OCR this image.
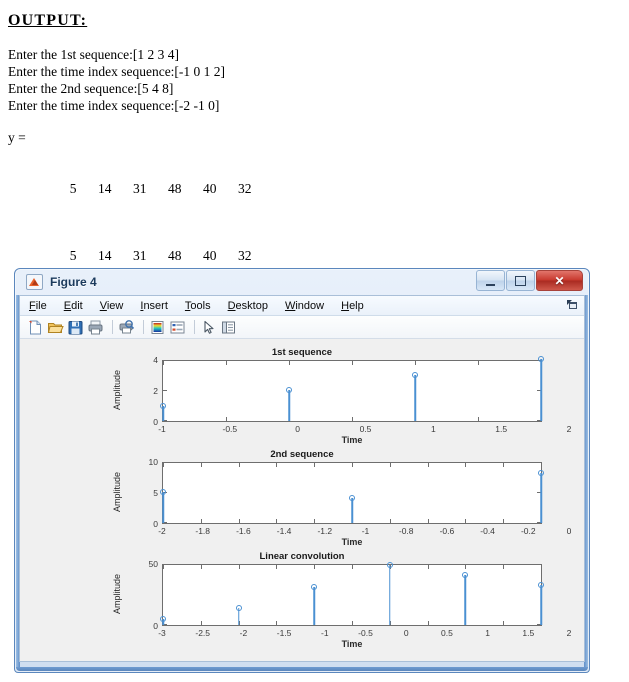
OUTPUT:
Enter the 1st sequence:[1 2 3 4]
Enter the time index sequence:[-1 0 1 2]
Enter the 2nd sequence:[5 4 8]
Enter the time index sequence:[-2 -1 0]
y =

5 14 31 48 40 32

5 14 31 48 40 32

Figure 4	✕
File Edit View Insert Tools Desktop Window Help
1st sequence
-1	-0.5	0	0.5	1	1.5	2
0
2
4
Amplitude
Time
2nd sequence
-2	-1.8	-1.6	-1.4	-1.2	-1	-0.8	-0.6	-0.4	-0.2	0
0
5
10
Amplitude
Time
Linear convolution
-3	-2.5	-2	-1.5	-1	-0.5	0	0.5	1	1.5	2
0
50
Amplitude
Time
